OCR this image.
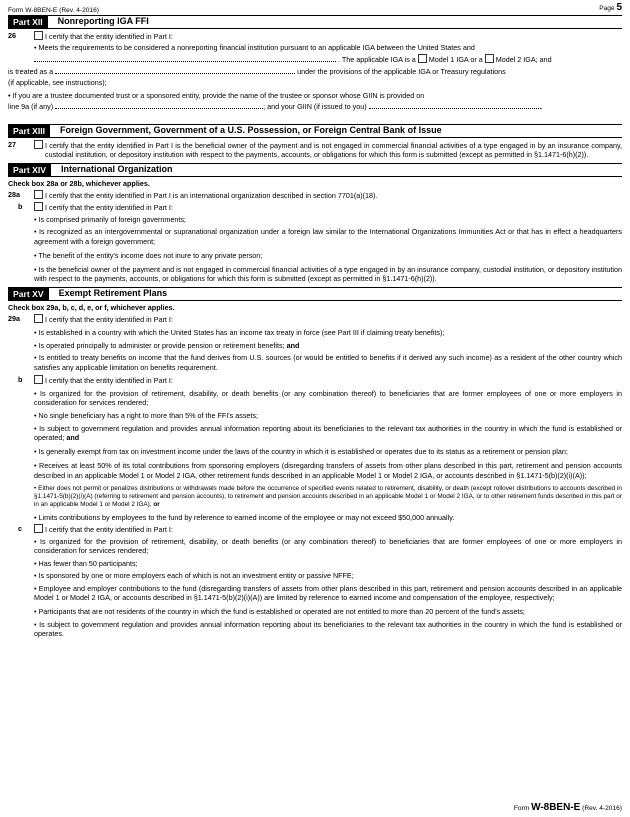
Form W-8BEN-E (Rev. 4-2016)	Page 5
Part XII	Nonreporting IGA FFI
26	I certify that the entity identified in Part I:
• Meets the requirements to be considered a nonreporting financial institution pursuant to an applicable IGA between the United States and
. The applicable IGA is a Model 1 IGA or a Model 2 IGA; and
is treated as a	under the provisions of the applicable IGA or Treasury regulations
(if applicable, see instructions);
• If you are a trustee documented trust or a sponsored entity, provide the name of the trustee or sponsor whose GIIN is provided on
line 9a (if any)	; and your GIIN (if issued to you)	.
Part XIII	Foreign Government, Government of a U.S. Possession, or Foreign Central Bank of Issue
27	I certify that the entity identified in Part I is the beneficial owner of the payment and is not engaged in commercial financial activities of a type engaged in by an insurance company, custodial institution, or depository institution with respect to the payments, accounts, or obligations for which this form is submitted (except as permitted in §1.1471-6(h)(2)).
Part XIV	International Organization
Check box 28a or 28b, whichever applies.
28a	I certify that the entity identified in Part I is an international organization described in section 7701(a)(18).
b	I certify that the entity identified in Part I:
• Is comprised primarily of foreign governments;
• Is recognized as an intergovernmental or supranational organization under a foreign law similar to the International Organizations Immunities Act or that has in effect a headquarters agreement with a foreign government;
• The benefit of the entity's income does not inure to any private person;
• Is the beneficial owner of the payment and is not engaged in commercial financial activities of a type engaged in by an insurance company, custodial institution, or depository institution with respect to the payments, accounts, or obligations for which this form is submitted (except as permitted in §1.1471-6(h)(2)).
Part XV	Exempt Retirement Plans
Check box 29a, b, c, d, e, or f, whichever applies.
29a	I certify that the entity identified in Part I:
• Is established in a country with which the United States has an income tax treaty in force (see Part III if claiming treaty benefits);
• Is operated principally to administer or provide pension or retirement benefits; and
• Is entitled to treaty benefits on income that the fund derives from U.S. sources (or would be entitled to benefits if it derived any such income) as a resident of the other country which satisfies any applicable limitation on benefits requirement.
b	I certify that the entity identified in Part I:
• Is organized for the provision of retirement, disability, or death benefits (or any combination thereof) to beneficiaries that are former employees of one or more employers in consideration for services rendered;
• No single beneficiary has a right to more than 5% of the FFI's assets;
• Is subject to government regulation and provides annual information reporting about its beneficiaries to the relevant tax authorities in the country in which the fund is established or operated; and
• Is generally exempt from tax on investment income under the laws of the country in which it is established or operates due to its status as a retirement or pension plan;
• Receives at least 50% of its total contributions from sponsoring employers (disregarding transfers of assets from other plans described in this part, retirement and pension accounts described in an applicable Model 1 or Model 2 IGA, other retirement funds described in an applicable Model 1 or Model 2 IGA, or accounts described in §1.1471-5(b)(2)(i)(A));
• Either does not permit or penalizes distributions or withdrawals made before the occurrence of specified events related to retirement, disability, or death (except rollover distributions to accounts described in §1.1471-5(b)(2)(i)(A) (referring to retirement and pension accounts), to retirement and pension accounts described in an applicable Model 1 or Model 2 IGA, or to other retirement funds described in this part or in an applicable Model 1 or Model 2 IGA); or
• Limits contributions by employees to the fund by reference to earned income of the employee or may not exceed $50,000 annually.
c	I certify that the entity identified in Part I:
• Is organized for the provision of retirement, disability, or death benefits (or any combination thereof) to beneficiaries that are former employees of one or more employers in consideration for services rendered;
• Has fewer than 50 participants;
• Is sponsored by one or more employers each of which is not an investment entity or passive NFFE;
• Employee and employer contributions to the fund (disregarding transfers of assets from other plans described in this part, retirement and pension accounts described in an applicable Model 1 or Model 2 IGA, or accounts described in §1.1471-5(b)(2)(i)(A)) are limited by reference to earned income and compensation of the employee, respectively;
• Participants that are not residents of the country in which the fund is established or operated are not entitled to more than 20 percent of the fund's assets;
• Is subject to government regulation and provides annual information reporting about its beneficiaries to the relevant tax authorities in the country in which the fund is established or operates.
Form W-8BEN-E (Rev. 4-2016)
